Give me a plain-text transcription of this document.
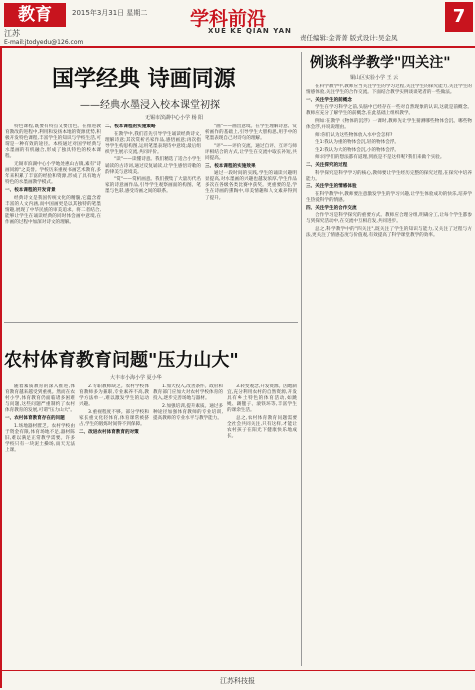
教育
江苏
2015年3月31日 星期二
E-mail:jtodyedu@126.com
学科前沿
XUE KE QIAN YAN
责任编辑:金菁菁 版式设计:吴金凤
7
国学经典 诗画同源
——经典水墨浸入校本课堂初探
无锡市滨湖中心小学 杨 阳

特色课程,既要有特点又要出色。在推进教育教改的进程中,利用和发扬本地的资源优势,积极开发特色课程,丰富学生的知识与学校生活,可谓是一种有效的途径。本校通过对国学经典与水墨画的有机融合,形成了独具特色的校本课程。

无锡市滨湖中心小学地处惠山古镇,素有"诗画同源"之美誉。学校历来重视书画艺术教育,多年来积累了丰富的经验和资源,形成了具有地方特色的水墨画教学模式。

一、校本课程的开发背景

经典诗文是我国传统文化的精髓,它蕴含着丰富的人文内涵,而中国画更是以其独特的笔墨情趣,展现了中华民族的审美追求。将二者结合,能够让学生在诵读经典的同时体会画中意境,在作画的过程中加深对诗文的理解。

二、校本课程的实施策略

在教学中,我们首先引导学生诵读经典诗文,理解诗意;其次赏析名家作品,感悟画意;再次指导学生构思构图,运用笔墨表现诗中意境;最后组织学生展示交流,共同评价。

"读"——读懂诗意。我们精选了适合小学生诵读的古诗词,通过反复诵读,让学生感悟诗歌的韵律美与意境美。

"赏"——赏析画意。我们搜集了大量历代名家的诗意画作品,引导学生观察画面的构图、笔墨与色彩,感受诗画之间的联系。

"画"——画出意境。在学生理解诗意、赏析画作的基础上,引导学生大胆构思,用手中的笔墨表现自己对诗句的理解。

"评"——评价交流。通过自评、互评与师评相结合的方式,让学生在交流中取长补短,共同提高。

三、校本课程的实施效果

通过一段时间的实践,学生的诵读兴趣明显提高,对水墨画的兴趣也越发浓厚,学生作品多次在各级各类比赛中获奖。更重要的是,学生在诗画的熏陶中,审美情趣和人文素养得到了提升。

农村体育教育问题"压力山大"
大丰市小海小学 夏小华

随着素质教育的深入推进,体育教育越来越受到重视。然而在农村小学,体育教育仍面临诸多困难与问题,这些问题严重制约了农村体育教育的发展,可谓"压力山大"。

一、农村体育教育存在的问题

1.场地器材匮乏。农村学校由于资金有限,体育场地不足,器材陈旧,难以满足正常教学需要。许多学校只有一块泥土操场,雨天无法上课。

2.专职教师缺乏。农村学校体育教师多为兼职,专业素养不高,教学方法单一,难以激发学生的运动兴趣。

3.重视程度不够。部分学校和家长重文化轻体育,体育课常被挤占,学生的锻炼时间得不到保障。

二、改进农村体育教育的对策

1.加大投入,改善条件。政府和教育部门应加大对农村学校体育的投入,逐步完善场地与器材。

2.加强培训,提升素质。通过多种途径加强体育教师的专业培训,提高教师的专业水平与教学能力。

3.转变观念,开发资源。因地制宜,充分利用农村的自然资源,开发具有乡土特色的体育活动,如跳绳、踢毽子、滚铁环等,丰富学生的课余生活。

总之,农村体育教育问题需要全社会共同关注,只有这样,才能让农村孩子在阳光下健康快乐地成长。

例谈科学教学"四关注"
铜山区实验小学 王 云

在科学教学中,教师应当关注学生的学习过程,关注学生的探究能力,关注学生的情感体验,关注学生的合作交流。下面结合教学实例谈谈笔者的一些做法。

一、关注学生的前概念

学生在学习科学之前,头脑中已经存在一些对自然现象的认识,这就是前概念。教师应充分了解学生的前概念,在此基础上组织教学。

例如:在教学《物体的沉浮》一课时,教师先让学生猜测哪些物体会沉、哪些物体会浮,并说说理由。

师:你们认为这些物体放入水中会怎样?

生1:我认为重的物体会沉,轻的物体会浮。

生2:我认为大的物体会沉,小的物体会浮。

师:同学们的想法都有道理,到底是不是这样呢?我们来做个实验。

二、关注探究的过程

科学探究是科学学习的核心,教师要让学生经历完整的探究过程,在探究中培养能力。

三、关注学生的情感体验

在科学教学中,教师要注意激发学生的学习兴趣,让学生体验成功的快乐,培养学生热爱科学的情感。

四、关注学生的合作交流

合作学习是科学探究的重要方式。教师应合理分组,明确分工,让每个学生都参与到探究活动中,在交流中互相启发,共同进步。

总之,科学教学中的"四关注",既关注了学生的知识与能力,又关注了过程与方法,更关注了情感态度与价值观,有效提高了科学课堂教学的效率。

江苏科技报
